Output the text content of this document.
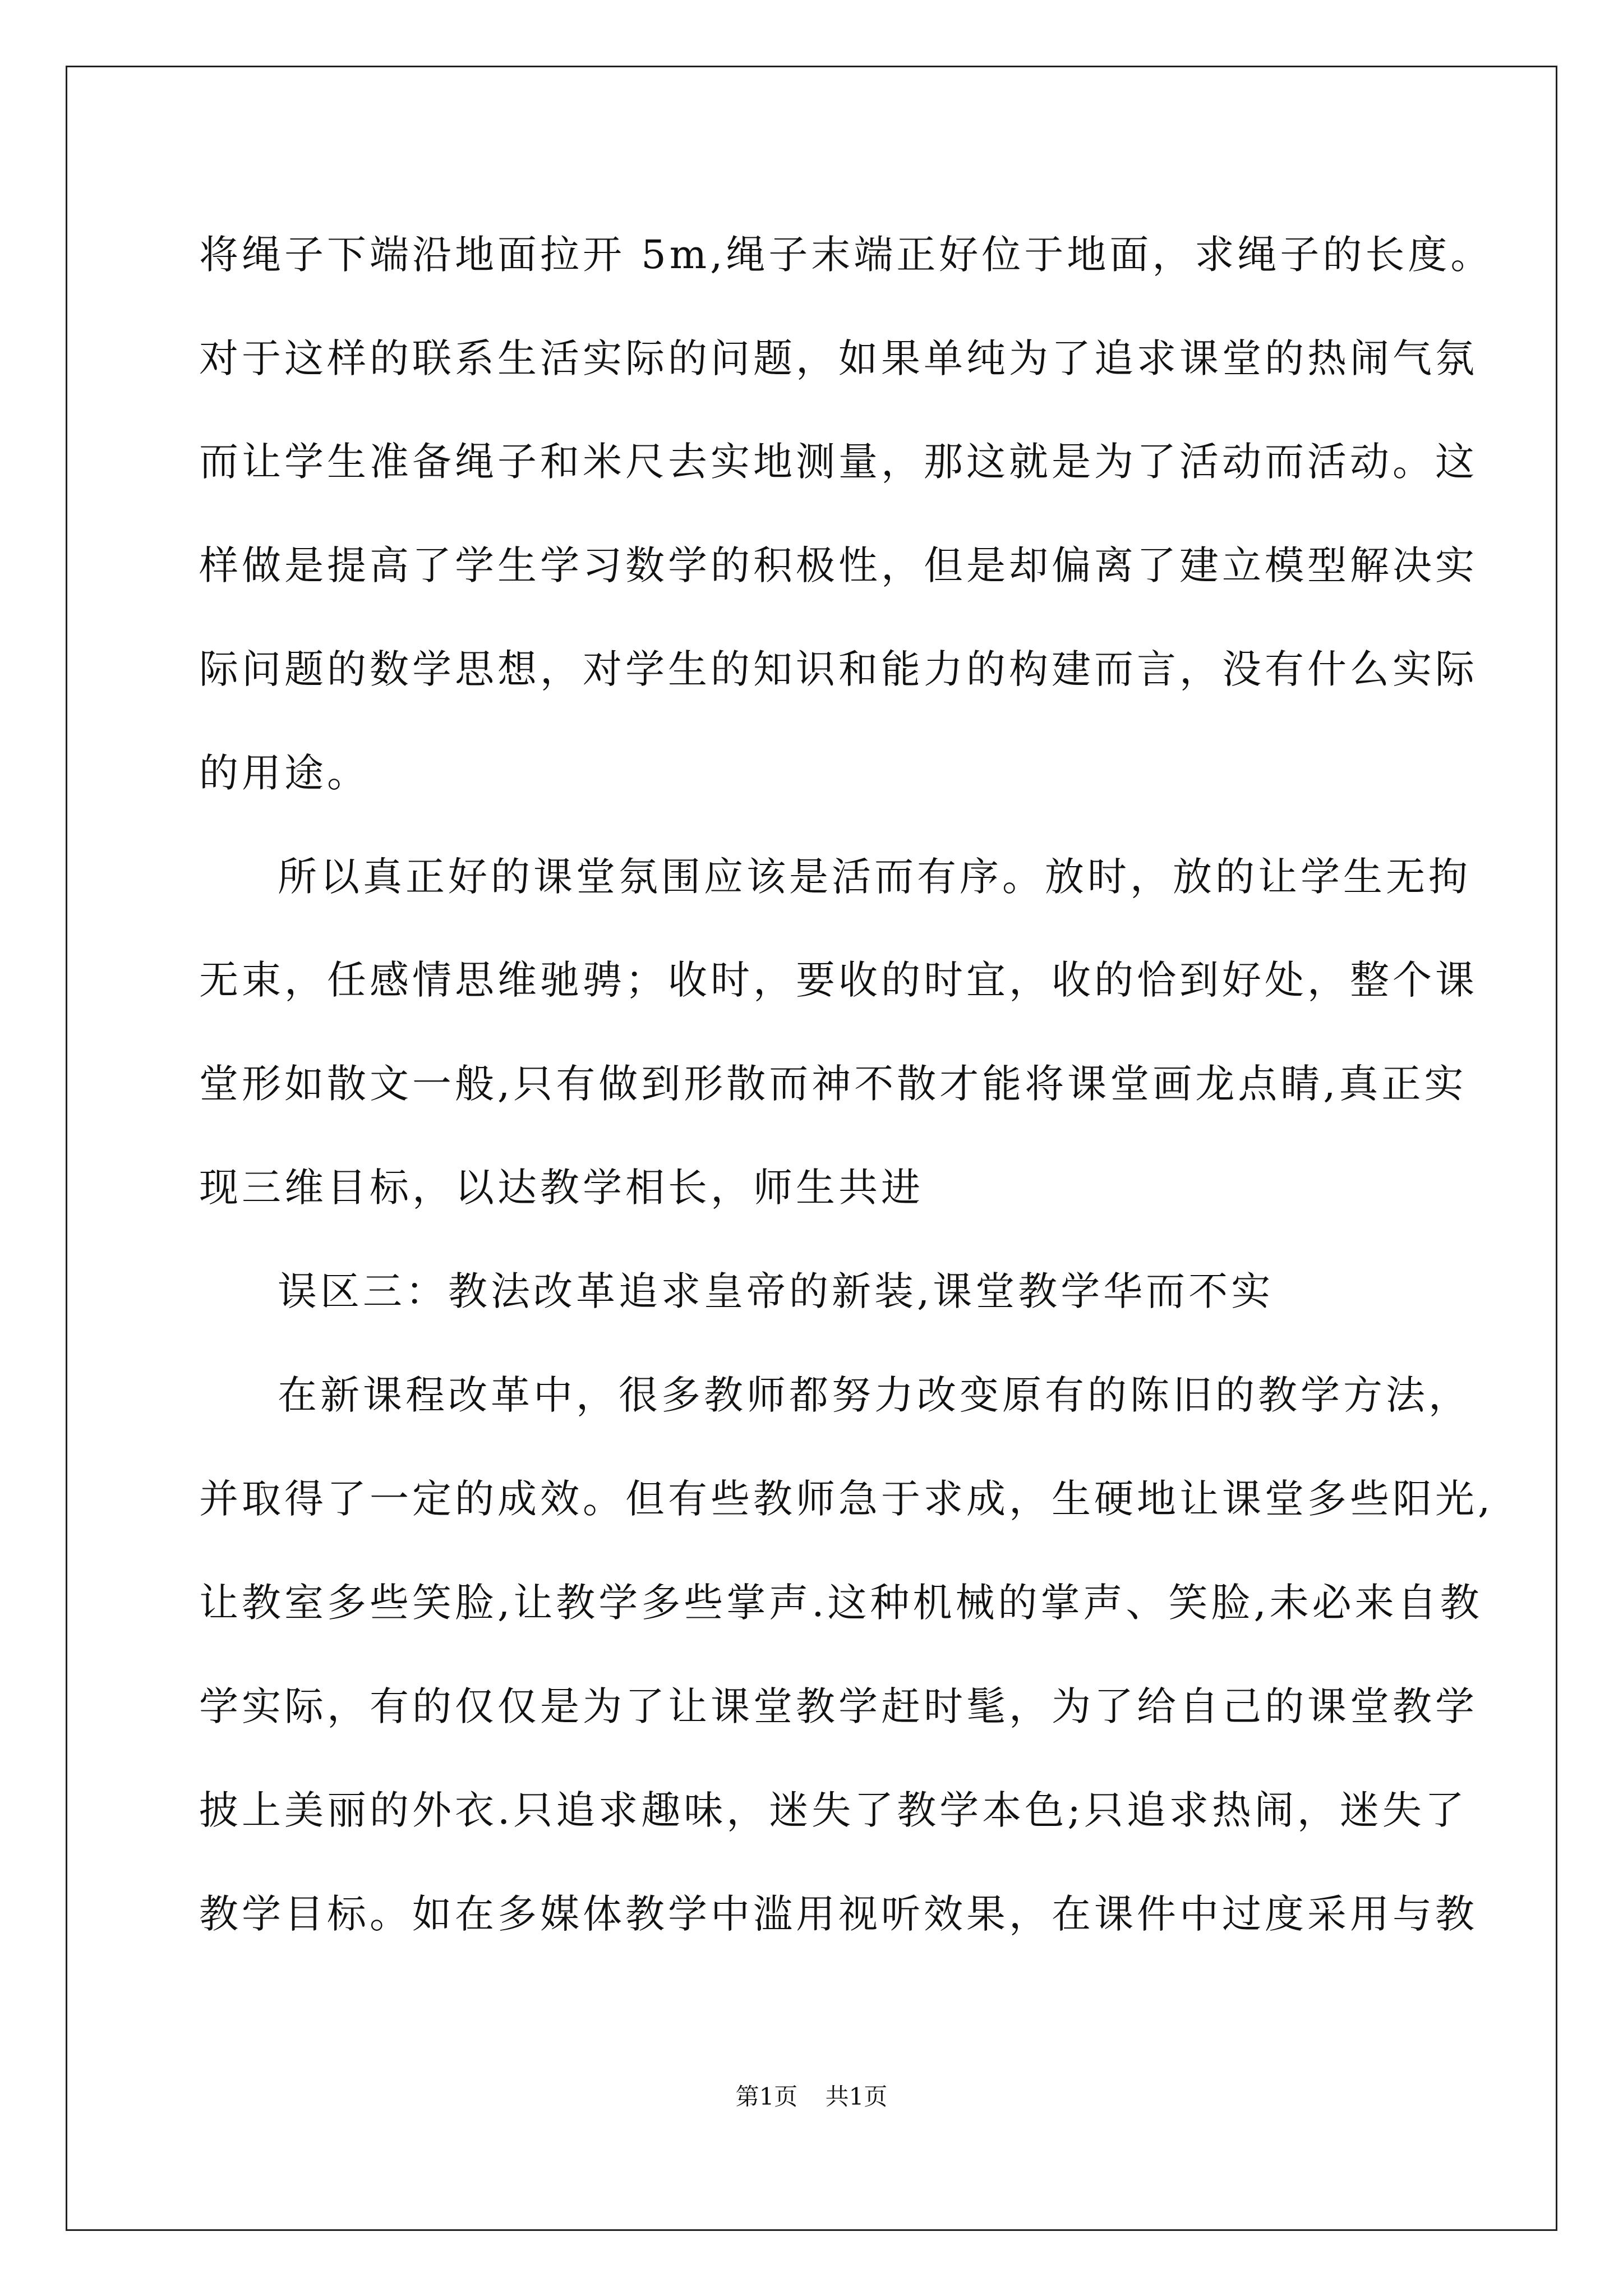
将绳子下端沿地面拉开 5m,绳子末端正好位于地面，求绳子的长度。
对于这样的联系生活实际的问题，如果单纯为了追求课堂的热闹气氛
而让学生准备绳子和米尺去实地测量，那这就是为了活动而活动。这
样做是提高了学生学习数学的积极性，但是却偏离了建立模型解决实
际问题的数学思想，对学生的知识和能力的构建而言，没有什么实际
的用途。
所以真正好的课堂氛围应该是活而有序。放时，放的让学生无拘
无束，任感情思维驰骋；收时，要收的时宜，收的恰到好处，整个课
堂形如散文一般,只有做到形散而神不散才能将课堂画龙点睛,真正实
现三维目标，以达教学相长，师生共进
误区三：教法改革追求皇帝的新装,课堂教学华而不实
在新课程改革中，很多教师都努力改变原有的陈旧的教学方法，
并取得了一定的成效。但有些教师急于求成，生硬地让课堂多些阳光,
让教室多些笑脸,让教学多些掌声.这种机械的掌声、笑脸,未必来自教
学实际，有的仅仅是为了让课堂教学赶时髦，为了给自己的课堂教学
披上美丽的外衣.只追求趣味，迷失了教学本色;只追求热闹，迷失了
教学目标。如在多媒体教学中滥用视听效果，在课件中过度采用与教
第1页 共1页
